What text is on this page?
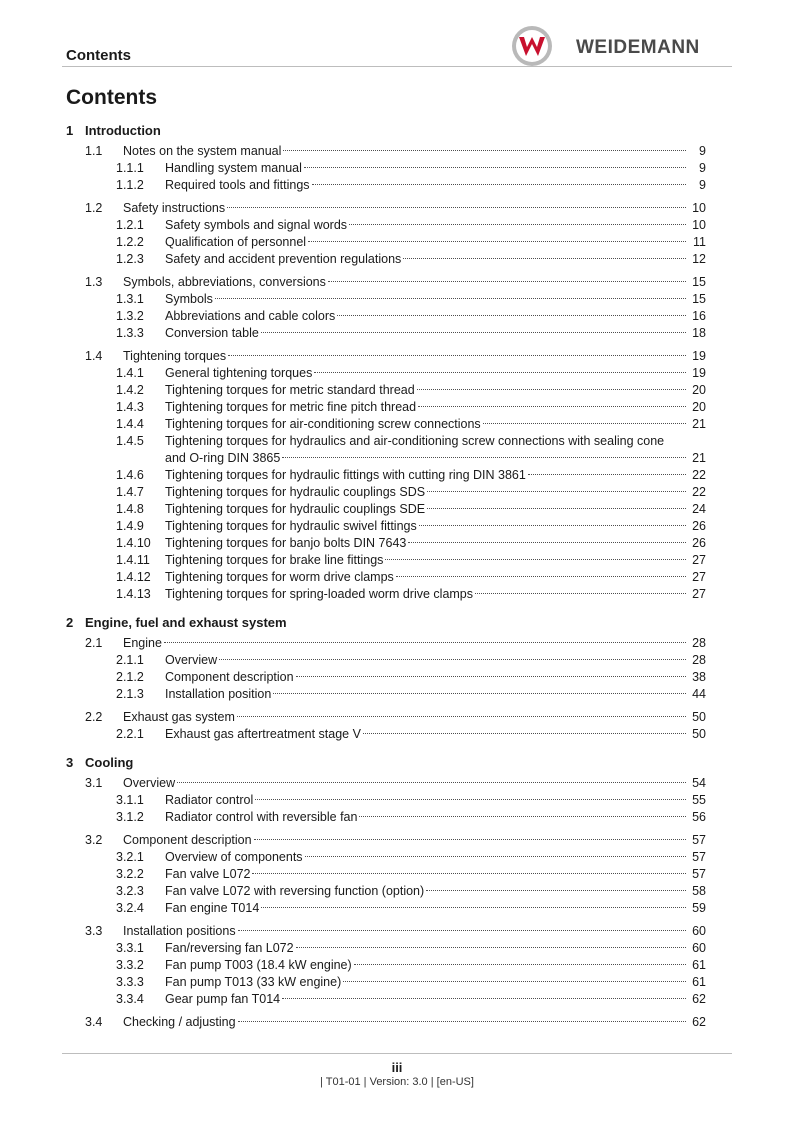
Contents	WEIDEMANN
Contents
1 Introduction
1.1 Notes on the system manual	9
1.1.1 Handling system manual	9
1.1.2 Required tools and fittings	9
1.2 Safety instructions	10
1.2.1 Safety symbols and signal words	10
1.2.2 Qualification of personnel	11
1.2.3 Safety and accident prevention regulations	12
1.3 Symbols, abbreviations, conversions	15
1.3.1 Symbols	15
1.3.2 Abbreviations and cable colors	16
1.3.3 Conversion table	18
1.4 Tightening torques	19
1.4.1 General tightening torques	19
1.4.2 Tightening torques for metric standard thread	20
1.4.3 Tightening torques for metric fine pitch thread	20
1.4.4 Tightening torques for air-conditioning screw connections	21
1.4.5 Tightening torques for hydraulics and air-conditioning screw connections with sealing cone
and O-ring DIN 3865	21
1.4.6 Tightening torques for hydraulic fittings with cutting ring DIN 3861	22
1.4.7 Tightening torques for hydraulic couplings SDS	22
1.4.8 Tightening torques for hydraulic couplings SDE	24
1.4.9 Tightening torques for hydraulic swivel fittings	26
1.4.10 Tightening torques for banjo bolts DIN 7643	26
1.4.11 Tightening torques for brake line fittings	27
1.4.12 Tightening torques for worm drive clamps	27
1.4.13 Tightening torques for spring-loaded worm drive clamps	27
2 Engine, fuel and exhaust system
2.1 Engine	28
2.1.1 Overview	28
2.1.2 Component description	38
2.1.3 Installation position	44
2.2 Exhaust gas system	50
2.2.1 Exhaust gas aftertreatment stage V	50
3 Cooling
3.1 Overview	54
3.1.1 Radiator control	55
3.1.2 Radiator control with reversible fan	56
3.2 Component description	57
3.2.1 Overview of components	57
3.2.2 Fan valve L072	57
3.2.3 Fan valve L072 with reversing function (option)	58
3.2.4 Fan engine T014	59
3.3 Installation positions	60
3.3.1 Fan/reversing fan L072	60
3.3.2 Fan pump T003 (18.4 kW engine)	61
3.3.3 Fan pump T013 (33 kW engine)	61
3.3.4 Gear pump fan T014	62
3.4 Checking / adjusting	62
iii
| T01-01 | Version: 3.0 | [en-US]
